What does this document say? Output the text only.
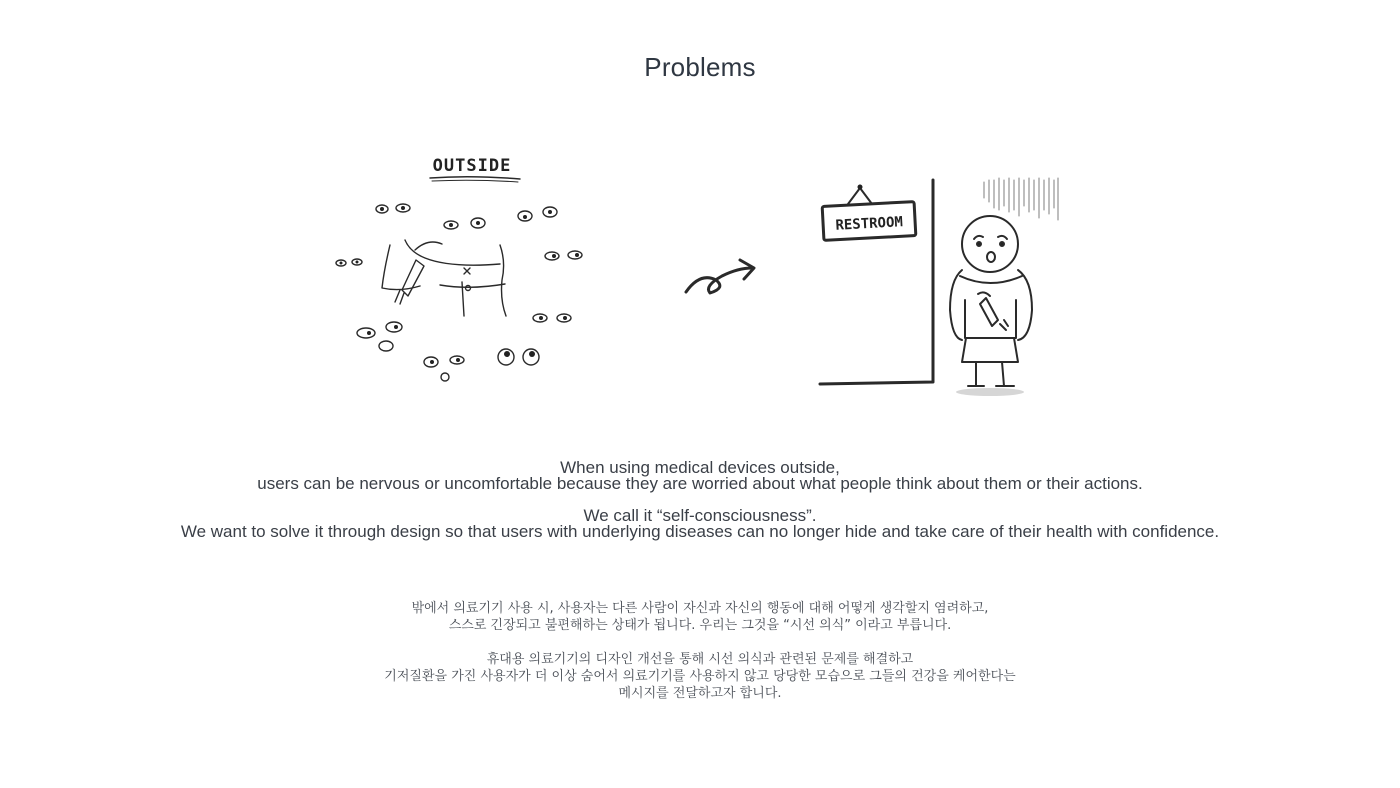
Problems
OUTSIDE
RESTROOM
When using medical devices outside,
users can be nervous or uncomfortable because they are worried about what people think about them or their actions.
We call it “self-consciousness”.
We want to solve it through design so that users with underlying diseases can no longer hide and take care of their health with confidence.
밖에서 의료기기 사용 시, 사용자는 다른 사람이 자신과 자신의 행동에 대해 어떻게 생각할지 염려하고,
스스로 긴장되고 불편해하는 상태가 됩니다. 우리는 그것을 “시선 의식” 이라고 부릅니다.
휴대용 의료기기의 디자인 개선을 통해 시선 의식과 관련된 문제를 해결하고
기저질환을 가진 사용자가 더 이상 숨어서 의료기기를 사용하지 않고 당당한 모습으로 그들의 건강을 케어한다는
메시지를 전달하고자 합니다.
